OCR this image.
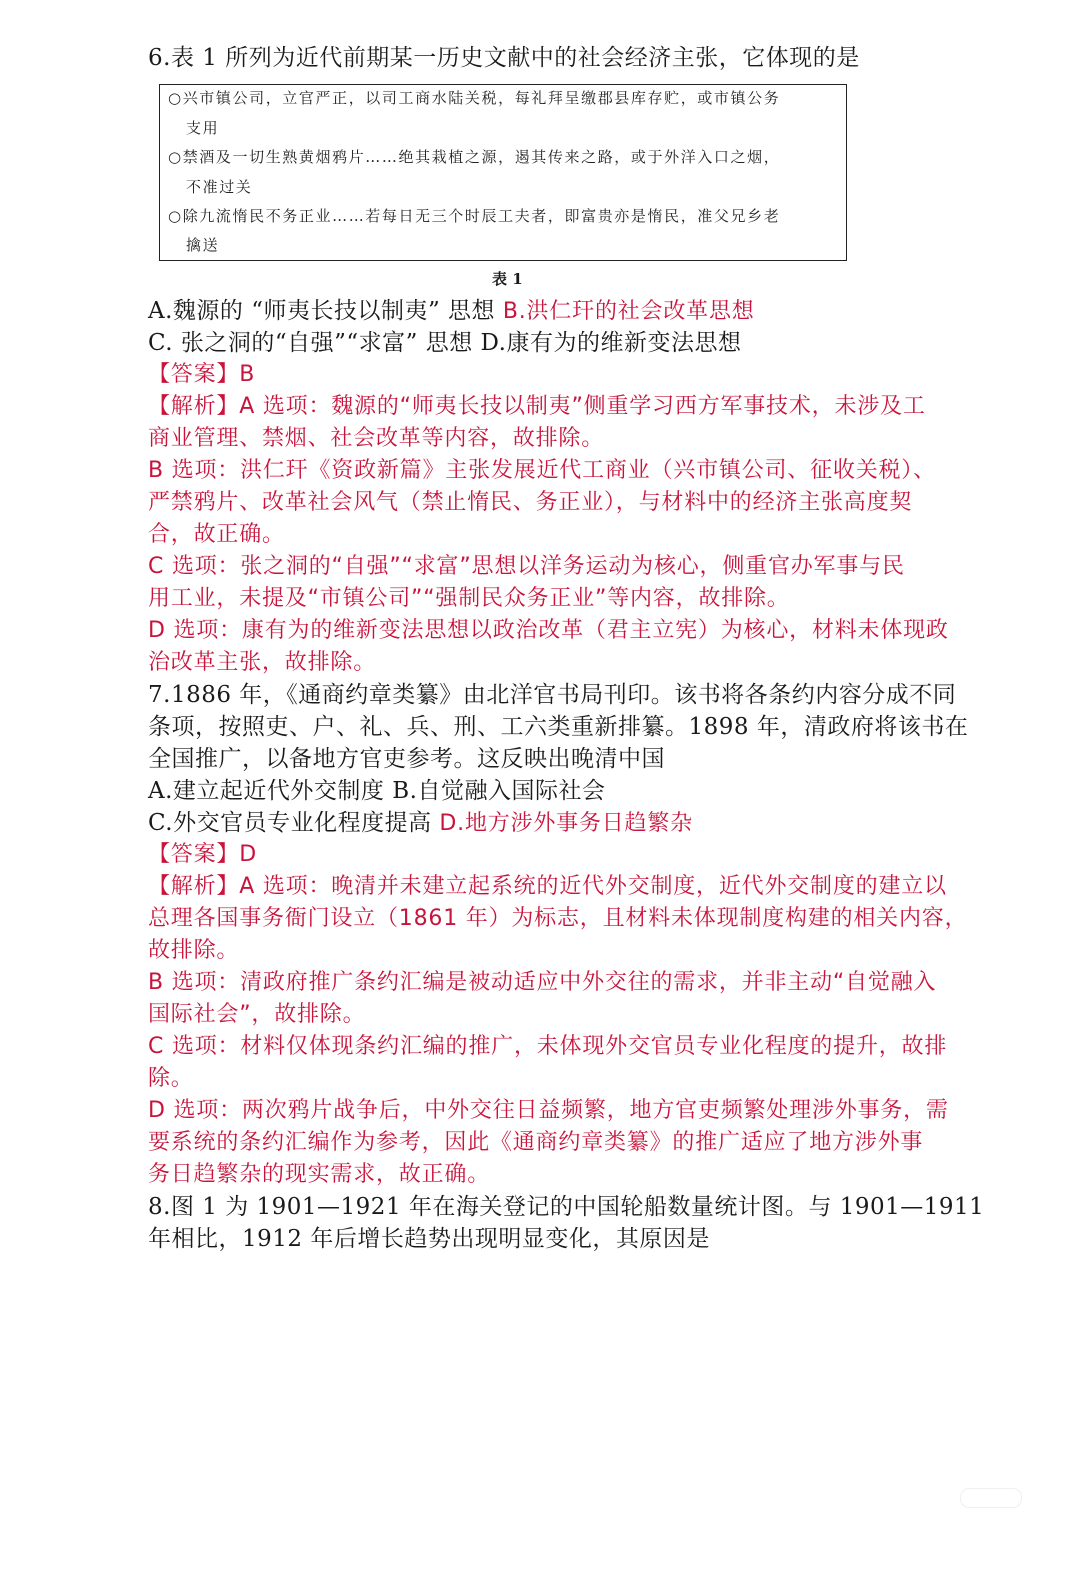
6.表 1 所列为近代前期某一历史文献中的社会经济主张，它体现的是
○兴市镇公司，立官严正，以司工商水陆关税，每礼拜呈缴郡县库存贮，或市镇公务
支用
○禁酒及一切生熟黄烟鸦片……绝其栽植之源，遏其传来之路，或于外洋入口之烟，
不准过关
○除九流惰民不务正业……若每日无三个时辰工夫者，即富贵亦是惰民，准父兄乡老
擒送
表 1
A.魏源的 “师夷长技以制夷” 思想 B.洪仁玕的社会改革思想
C. 张之洞的“自强”“求富” 思想 D.康有为的维新变法思想
【答案】B
【解析】A 选项：魏源的“师夷长技以制夷”侧重学习西方军事技术，未涉及工
商业管理、禁烟、社会改革等内容，故排除。
B 选项：洪仁玕《资政新篇》主张发展近代工商业（兴市镇公司、征收关税）、
严禁鸦片、改革社会风气（禁止惰民、务正业），与材料中的经济主张高度契
合，故正确。
C 选项：张之洞的“自强”“求富”思想以洋务运动为核心，侧重官办军事与民
用工业，未提及“市镇公司”“强制民众务正业”等内容，故排除。
D 选项：康有为的维新变法思想以政治改革（君主立宪）为核心，材料未体现政
治改革主张，故排除。
7.1886 年，《通商约章类纂》由北洋官书局刊印。该书将各条约内容分成不同
条项，按照吏、户、礼、兵、刑、工六类重新排纂。1898 年，清政府将该书在
全国推广，以备地方官吏参考。这反映出晚清中国
A.建立起近代外交制度 B.自觉融入国际社会
C.外交官员专业化程度提高 D.地方涉外事务日趋繁杂
【答案】D
【解析】A 选项：晚清并未建立起系统的近代外交制度，近代外交制度的建立以
总理各国事务衙门设立（1861 年）为标志，且材料未体现制度构建的相关内容，
故排除。
B 选项：清政府推广条约汇编是被动适应中外交往的需求，并非主动“自觉融入
国际社会”，故排除。
C 选项：材料仅体现条约汇编的推广，未体现外交官员专业化程度的提升，故排
除。
D 选项：两次鸦片战争后，中外交往日益频繁，地方官吏频繁处理涉外事务，需
要系统的条约汇编作为参考，因此《通商约章类纂》的推广适应了地方涉外事
务日趋繁杂的现实需求，故正确。
8.图 1 为 1901—1921 年在海关登记的中国轮船数量统计图。与 1901—1911
年相比，1912 年后增长趋势出现明显变化，其原因是
